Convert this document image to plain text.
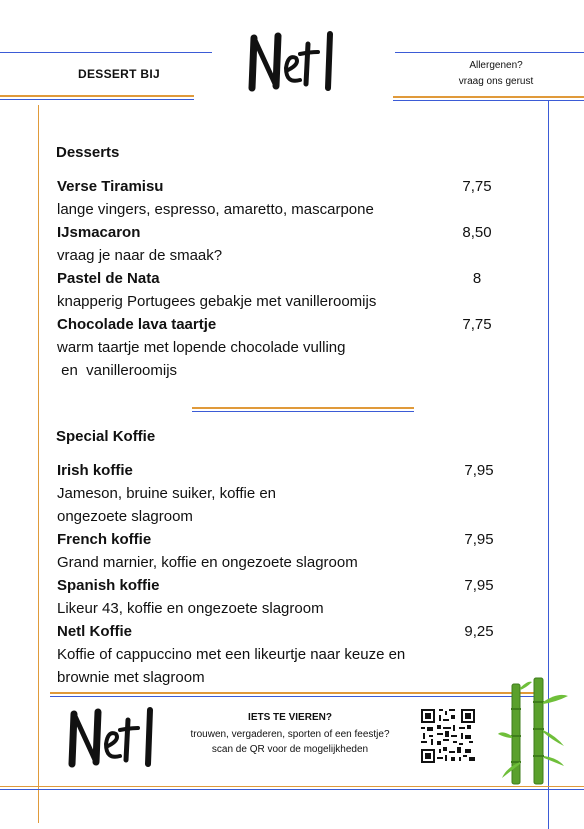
DESSERT BIJ
Allergenen?
vraag ons gerust
Desserts
Verse Tiramisu	7,75
lange vingers, espresso, amaretto, mascarpone
IJsmacaron	8,50
vraag je naar de smaak?
Pastel de Nata	8
knapperig Portugees gebakje met vanilleroomijs
Chocolade lava taartje	7,75
warm taartje met lopende chocolade vulling
en  vanilleroomijs
Special Koffie
Irish koffie	7,95
Jameson, bruine suiker, koffie en
ongezoete slagroom
French koffie	7,95
Grand marnier, koffie en ongezoete slagroom
Spanish koffie	7,95
Likeur 43, koffie en ongezoete slagroom
Netl Koffie	9,25
Koffie of cappuccino met een likeurtje naar keuze en
brownie met slagroom
IETS TE VIEREN?
trouwen, vergaderen, sporten of een feestje?
scan de QR voor de mogelijkheden
